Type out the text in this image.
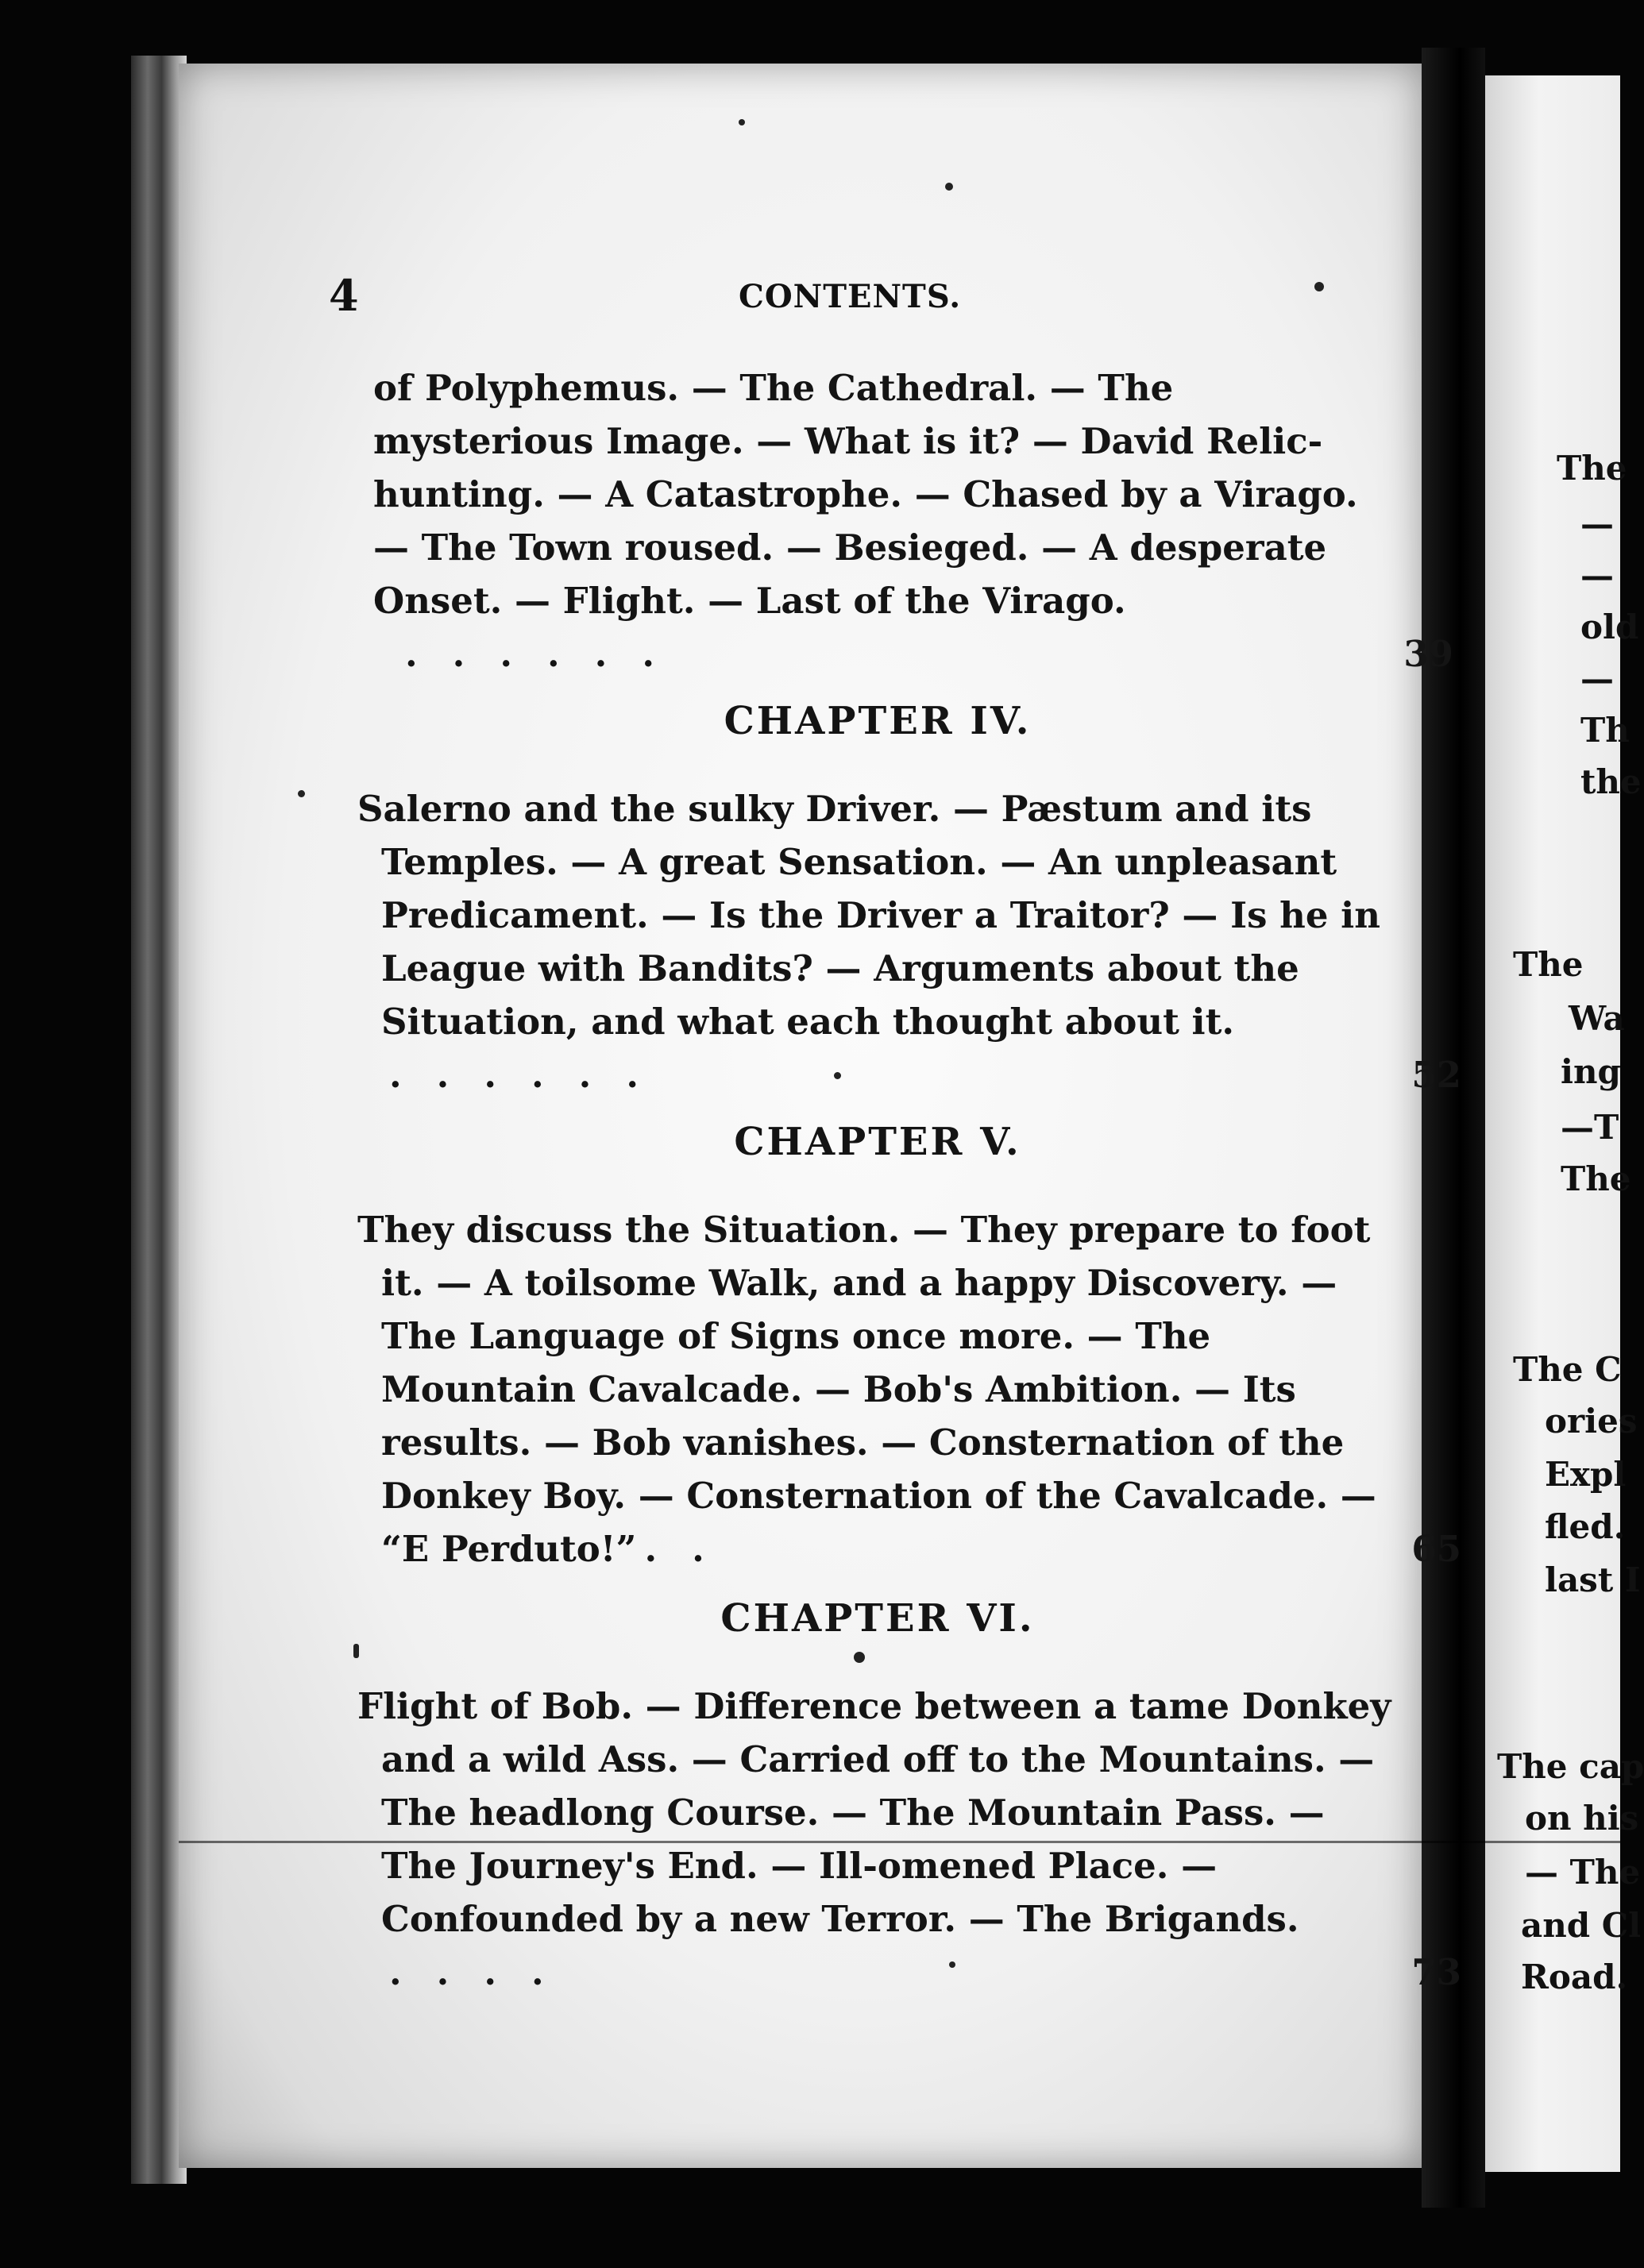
4	CONTENTS.
of Polyphemus. — The Cathedral. — The mysterious Image. — What is it? — David Relic-hunting. — A Catastrophe. — Chased by a Virago. — The Town roused. — Besieged. — A desperate Onset. — Flight. — Last of the Virago.......	39
CHAPTER IV.
Salerno and the sulky Driver. — Pæstum and its Temples. — A great Sensation. — An unpleasant Predicament. — Is the Driver a Traitor? — Is he in League with Bandits? — Arguments about the Situation, and what each thought about it.......	52
CHAPTER V.
They discuss the Situation. — They prepare to foot it. — A toilsome Walk, and a happy Discovery. — The Language of Signs once more. — The Mountain Cavalcade. — Bob's Ambition. — Its results. — Bob vanishes. — Consternation of the Donkey Boy. — Consternation of the Cavalcade. — “E Perduto!” ..	65
CHAPTER VI.
Flight of Bob. — Difference between a tame Donkey and a wild Ass. — Carried off to the Mountains. — The headlong Course. — The Mountain Pass. — The Journey's End. — Ill-omened Place. — Confounded by a new Terror. — The Brigands.....	73
The
—
—
old
—
Th
the
The
Wa
ing
—T
The
The C
ories
Expl
fled.
last I
The cap
on his
— The
and Cl
Road.
